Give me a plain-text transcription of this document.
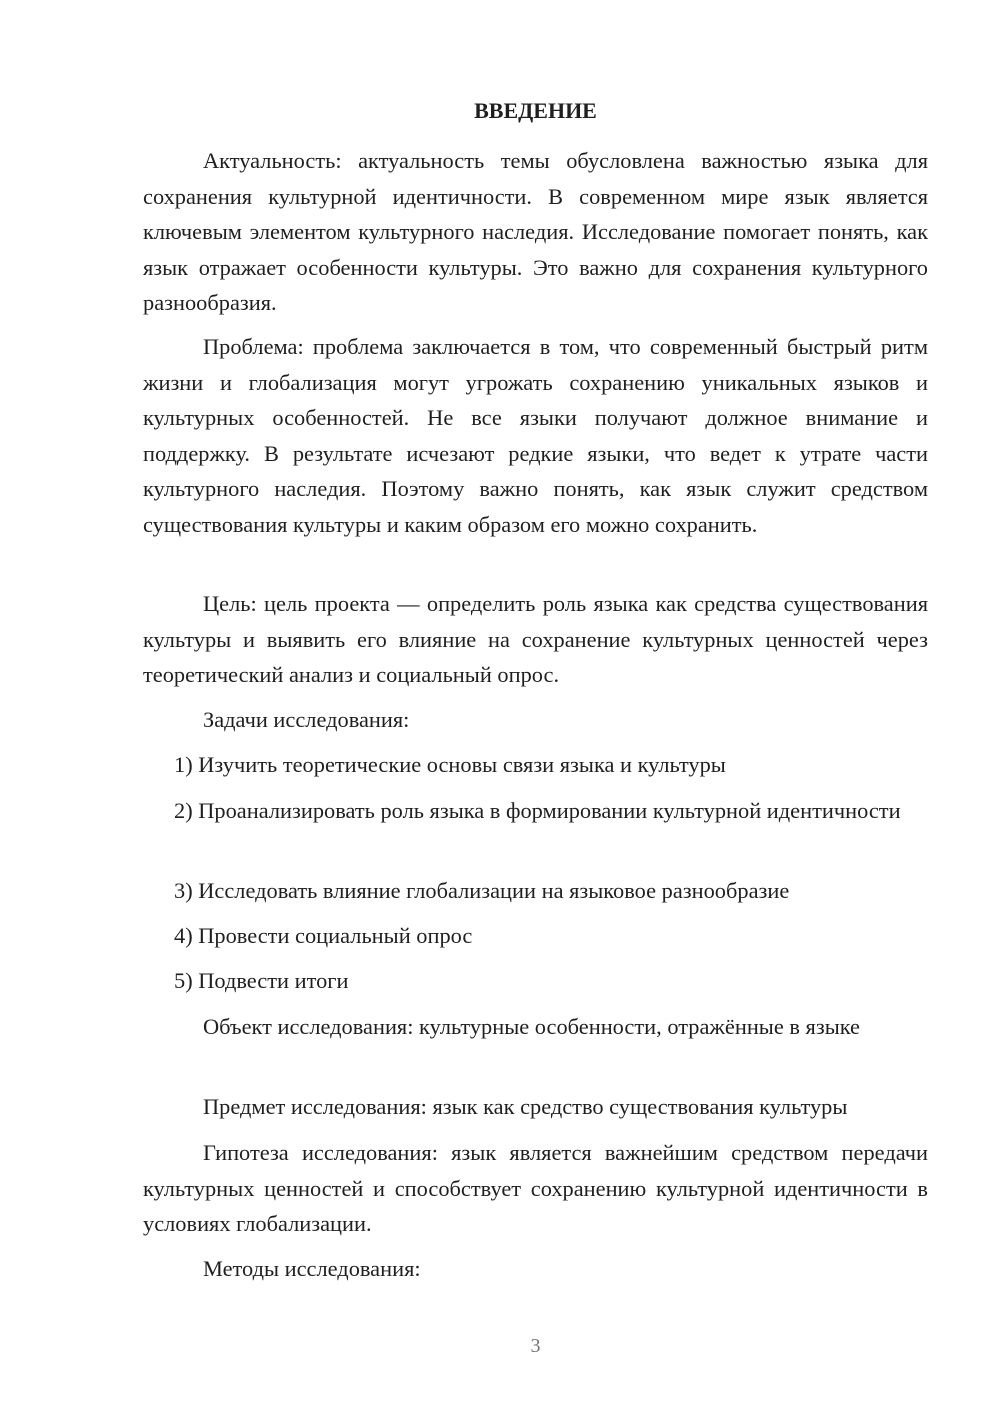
ВВЕДЕНИЕ

Актуальность: актуальность темы обусловлена важностью языка для сохранения культурной идентичности. В современном мире язык является ключевым элементом культурного наследия. Исследование помогает понять, как язык отражает особенности культуры. Это важно для сохранения культурного разнообразия.

Проблема: проблема заключается в том, что современный быстрый ритм жизни и глобализация могут угрожать сохранению уникальных языков и культурных особенностей. Не все языки получают должное внимание и поддержку. В результате исчезают редкие языки, что ведет к утрате части культурного наследия. Поэтому важно понять, как язык служит средством существования культуры и каким образом его можно сохранить.

Цель: цель проекта — определить роль языка как средства существования культуры и выявить его влияние на сохранение культурных ценностей через теоретический анализ и социальный опрос.

Задачи исследования:

1) Изучить теоретические основы связи языка и культуры

2) Проанализировать роль языка в формировании культурной идентичности

3) Исследовать влияние глобализации на языковое разнообразие

4) Провести социальный опрос

5) Подвести итоги

Объект исследования: культурные особенности, отражённые в языке

Предмет исследования: язык как средство существования культуры

Гипотеза исследования: язык является важнейшим средством передачи культурных ценностей и способствует сохранению культурной идентичности в условиях глобализации.

Методы исследования:

3
